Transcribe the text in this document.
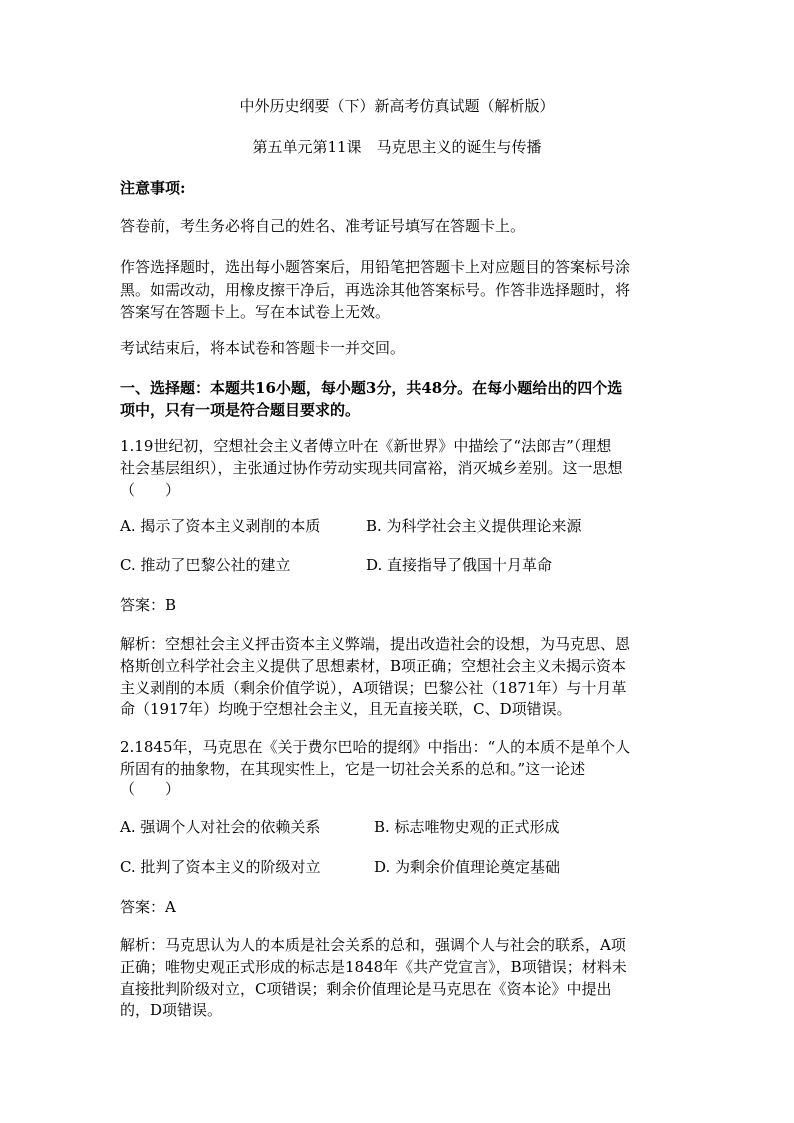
中外历史纲要（下）新高考仿真试题（解析版）
第五单元第11课　马克思主义的诞生与传播
注意事项:
答卷前，考生务必将自己的姓名、准考证号填写在答题卡上。
作答选择题时，选出每小题答案后，用铅笔把答题卡上对应题目的答案标号涂
黑。如需改动，用橡皮擦干净后，再选涂其他答案标号。作答非选择题时，将
答案写在答题卡上。写在本试卷上无效。
考试结束后，将本试卷和答题卡一并交回。
一、选择题：本题共16小题，每小题3分，共48分。在每小题给出的四个选
项中，只有一项是符合题目要求的。
1.19世纪初，空想社会主义者傅立叶在《新世界》中描绘了“法郎吉”（理想
社会基层组织），主张通过协作劳动实现共同富裕，消灭城乡差别。这一思想
（　　）
A. 揭示了资本主义剥削的本质	B. 为科学社会主义提供理论来源
C. 推动了巴黎公社的建立	D. 直接指导了俄国十月革命
答案：B
解析：空想社会主义抨击资本主义弊端，提出改造社会的设想，为马克思、恩
格斯创立科学社会主义提供了思想素材，B项正确；空想社会主义未揭示资本
主义剥削的本质（剩余价值学说），A项错误；巴黎公社（1871年）与十月革
命（1917年）均晚于空想社会主义，且无直接关联，C、D项错误。
2.1845年，马克思在《关于费尔巴哈的提纲》中指出：“人的本质不是单个人
所固有的抽象物，在其现实性上，它是一切社会关系的总和。”这一论述
（　　）
A. 强调个人对社会的依赖关系	B. 标志唯物史观的正式形成
C. 批判了资本主义的阶级对立	D. 为剩余价值理论奠定基础
答案：A
解析：马克思认为人的本质是社会关系的总和，强调个人与社会的联系，A项
正确；唯物史观正式形成的标志是1848年《共产党宣言》，B项错误；材料未
直接批判阶级对立，C项错误；剩余价值理论是马克思在《资本论》中提出
的，D项错误。
